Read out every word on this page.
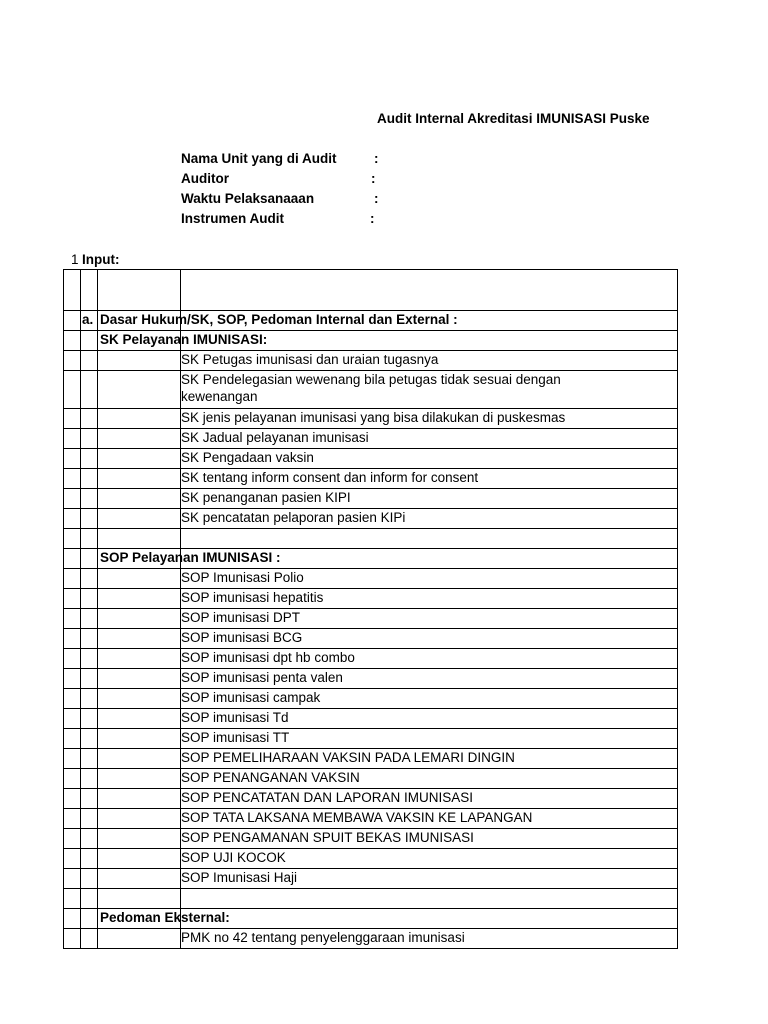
Audit Internal Akreditasi IMUNISASI Puske
Nama Unit yang di Audit	:
Auditor	:
Waktu Pelaksanaaan	:
Instrumen Audit	:
1 Input:
a. Dasar Hukum/SK, SOP, Pedoman Internal dan External :
SK Pelayanan IMUNISASI:
SK Petugas imunisasi dan uraian tugasnya
SK Pendelegasian wewenang bila petugas tidak sesuai dengan
kewenangan
SK jenis pelayanan imunisasi yang bisa dilakukan di puskesmas
SK Jadual pelayanan imunisasi
SK Pengadaan vaksin
SK tentang inform consent dan inform for consent
SK penanganan pasien KIPI
SK pencatatan pelaporan pasien KIPi
SOP Pelayanan IMUNISASI :
SOP Imunisasi Polio
SOP imunisasi hepatitis
SOP imunisasi DPT
SOP imunisasi BCG
SOP imunisasi dpt hb combo
SOP imunisasi penta valen
SOP imunisasi campak
SOP imunisasi Td
SOP imunisasi TT
SOP PEMELIHARAAN VAKSIN PADA LEMARI DINGIN
SOP PENANGANAN VAKSIN
SOP PENCATATAN DAN LAPORAN IMUNISASI
SOP TATA LAKSANA MEMBAWA VAKSIN KE LAPANGAN
SOP PENGAMANAN SPUIT BEKAS IMUNISASI
SOP UJI KOCOK
SOP Imunisasi Haji
Pedoman Eksternal:
PMK no 42 tentang penyelenggaraan imunisasi
